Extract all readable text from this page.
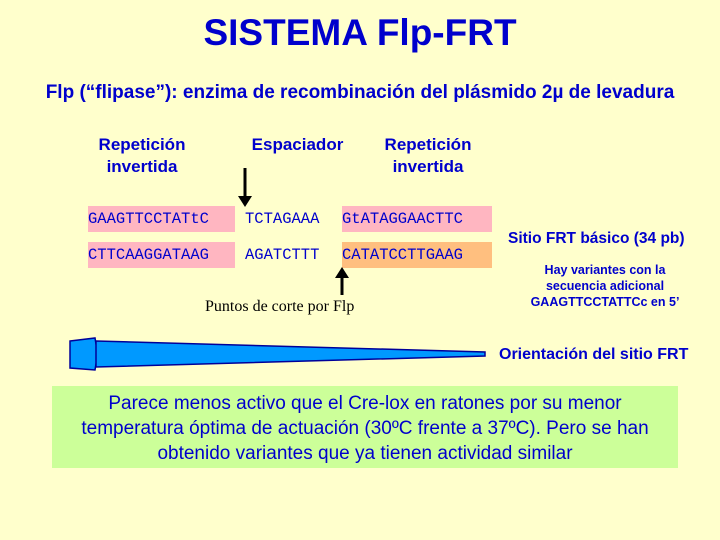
SISTEMA Flp-FRT
Flp (“flipase”): enzima de recombinación del plásmido 2µ de levadura
Repetición
invertida
Espaciador	Repetición
invertida
GAAGTTCCTATtC	TCTAGAAA	GtATAGGAACTTC
CTTCAAGGATAAG	AGATCTTT	CATATCCTTGAAG
Puntos de corte por Flp
Sitio FRT básico (34 pb)
Hay variantes con la
secuencia adicional
GAAGTTCCTATTCc en 5’
Orientación del sitio FRT
Parece menos activo que el Cre-lox en ratones por su menor
temperatura óptima de actuación (30ºC frente a 37ºC). Pero se han
obtenido variantes que ya tienen actividad similar
